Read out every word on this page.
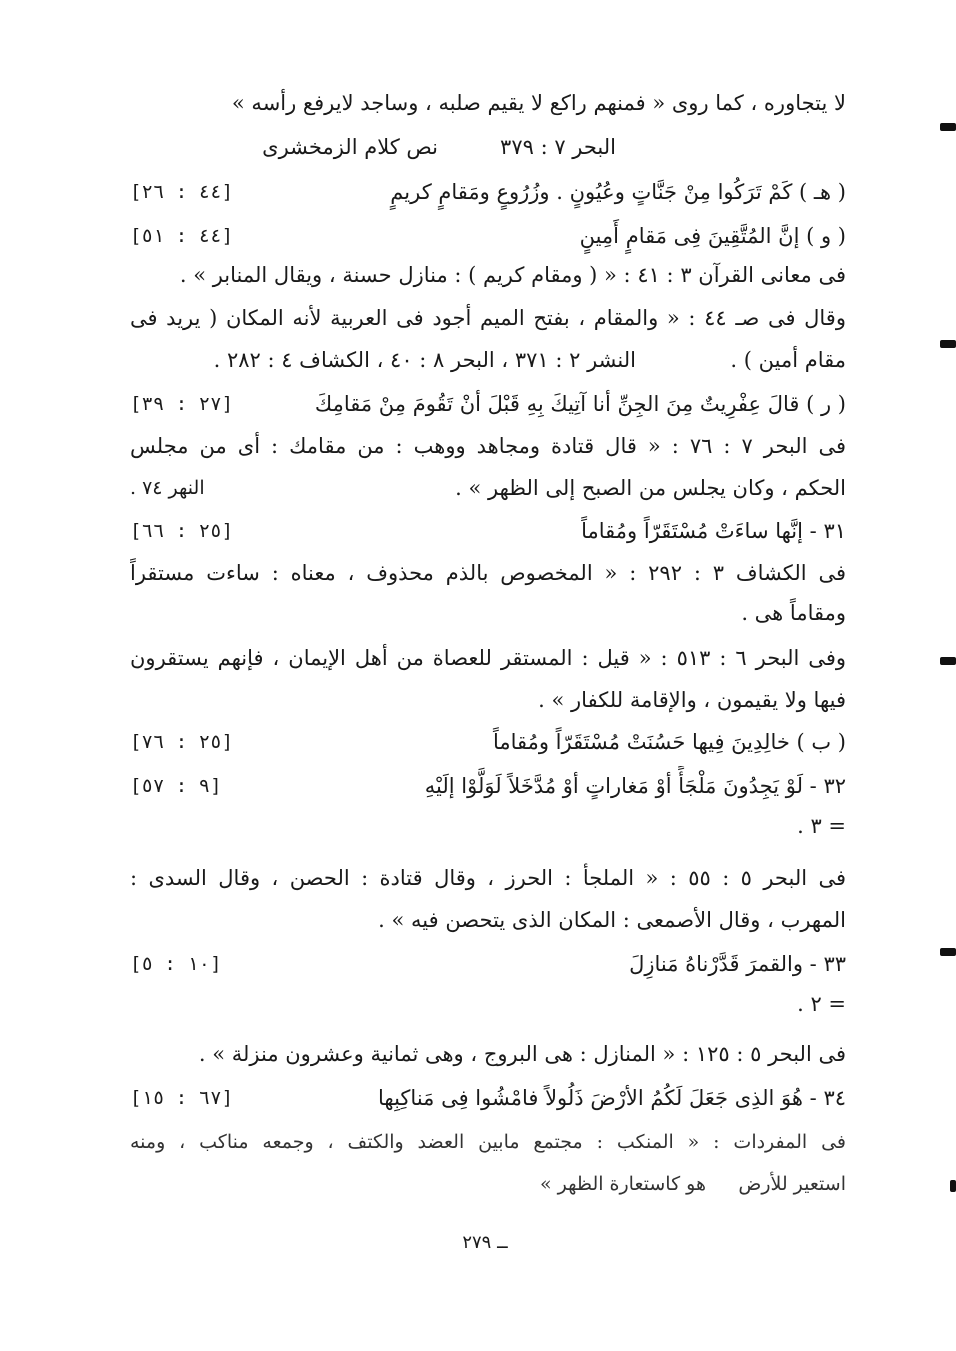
لا يتجاوره ، كما روى « فمنهم راكع لا يقيم صلبه ، وساجد لايرفع رأسه »
البحر ٧ : ٣٧٩
نص كلام الزمخشرى
( هـ ) كَمْ تَرَكُوا مِنْ جَنَّاتٍ وعُيُونٍ . وزُرُوعٍ ومَقامٍ كريمٍ
[٤٤ : ٢٦]
( و ) إنَّ المُتَّقِينَ فِى مَقامٍ أَمِينٍ
[٤٤ : ٥١]
فى معانى القرآن ٣ : ٤١ : « ( ومقام كريم ) : منازل حسنة ، ويقال المنابر » .
وقال فى صـ ٤٤ : « والمقام ، بفتح الميم أجود فى العربية لأنه المكان ( يريد فى
مقام أمين ) .
النشر ٢ : ٣٧١ ، البحر ٨ : ٤٠ ، الكشاف ٤ : ٢٨٢ .
( ر ) قالَ عِفْرِيتٌ مِنَ الجِنِّ أنا آتِيكَ بِهِ قَبْلَ أنْ تَقُومَ مِنْ مَقامِكَ
[٢٧ : ٣٩]
فى البحر ٧ : ٧٦ : « قال قتادة ومجاهد ووهب : من مقامك : أى من مجلس
الحكم ، وكان يجلس من الصبح إلى الظهر » .
النهر ٧٤ .
٣١ - إنَّها ساءَتْ مُسْتَقَرّاً ومُقاماً
[٢٥ : ٦٦]
فى الكشاف ٣ : ٢٩٢ : « المخصوص بالذم محذوف ، معناه : ساءت مستقراً
ومقاماً هى .
وفى البحر ٦ : ٥١٣ : « قيل : المستقر للعصاة من أهل الإيمان ، فإنهم يستقرون
فيها ولا يقيمون ، والإقامة للكفار » .
( ب ) خالِدِينَ فِيها حَسُنَتْ مُسْتَقَرّاً ومُقاماً
[٢٥ : ٧٦]
٣٢ - لَوْ يَجِدُونَ مَلْجَأً أوْ مَغاراتٍ أوْ مُدَّخَلاً لَوَلَّوْا إلَيْهِ
[٩ : ٥٧]
= ٣ .
فى البحر ٥ : ٥٥ : « الملجأ : الحرز ، وقال قتادة : الحصن ، وقال السدى :
المهرب ، وقال الأصمعى : المكان الذى يتحصن فيه » .
٣٣ - والقمرَ قَدَّرْناهُ مَنازِلَ
[١٠ : ٥]
= ٢ .
فى البحر ٥ : ١٢٥ : « المنازل : هى البروج ، وهى ثمانية وعشرون منزلة » .
٣٤ - هُوَ الذِى جَعَلَ لَكُمُ الأرْضَ ذَلُولاً فامْشُوا فِى مَناكِبِها
[٦٧ : ١٥]
فى المفردات : « المنكب : مجتمع مابين العضد والكتف ، وجمعه مناكب ، ومنه
استعير للأرض
هو كاستعارة الظهر »
ــ ٢٧٩
